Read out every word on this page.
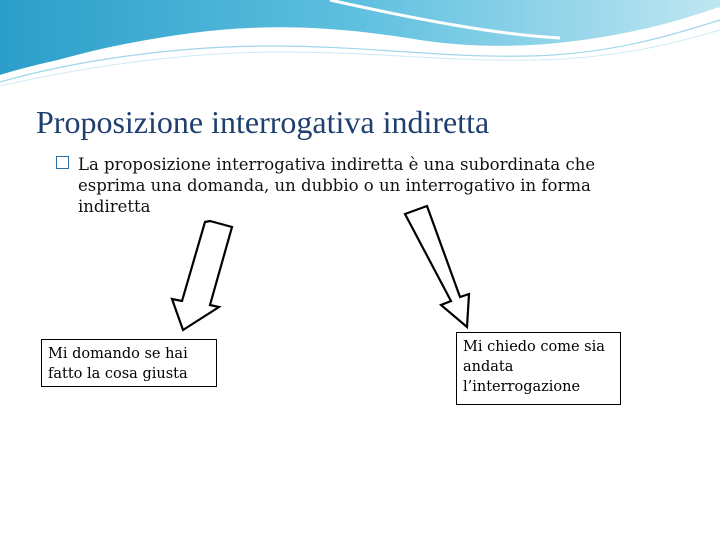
Proposizione interrogativa indiretta
La proposizione interrogativa indiretta è una subordinata che esprima una domanda, un dubbio o un interrogativo in forma indiretta
Mi domando se hai fatto la cosa giusta
Mi chiedo come sia andata l’interrogazione
